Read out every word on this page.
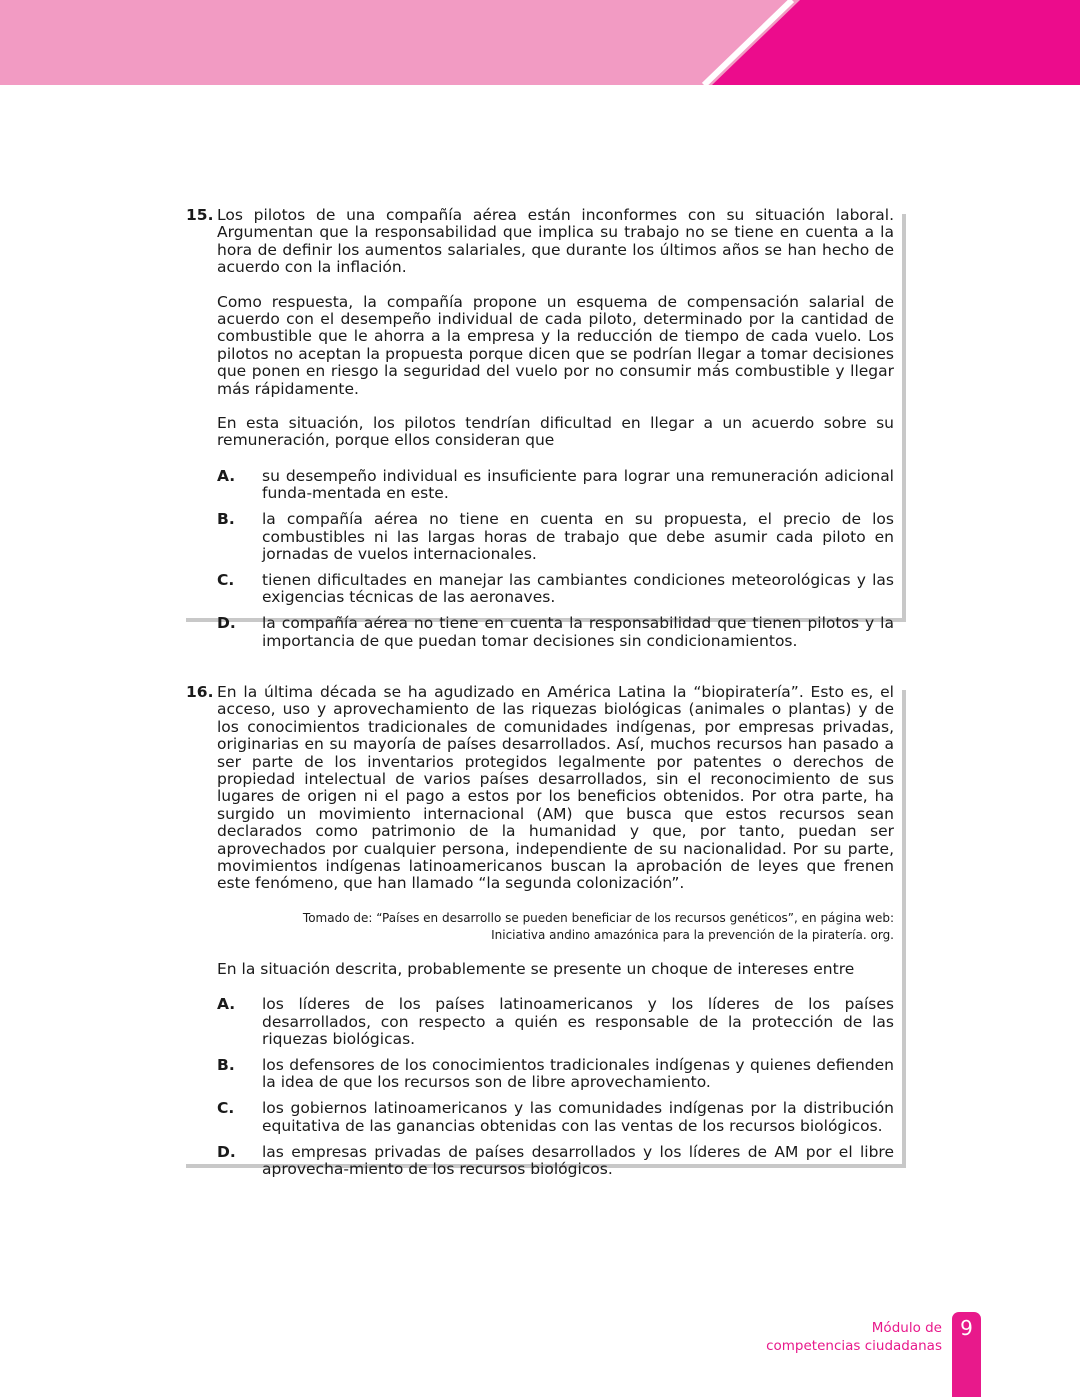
15. Los pilotos de una compañía aérea están inconformes con su situación laboral. Argumentan que la responsabilidad que implica su trabajo no se tiene en cuenta a la hora de definir los aumentos salariales, que durante los últimos años se han hecho de acuerdo con la inflación.

Como respuesta, la compañía propone un esquema de compensación salarial de acuerdo con el desempeño individual de cada piloto, determinado por la cantidad de combustible que le ahorra a la empresa y la reducción de tiempo de cada vuelo. Los pilotos no aceptan la propuesta porque dicen que se podrían llegar a tomar decisiones que ponen en riesgo la seguridad del vuelo por no consumir más combustible y llegar más rápidamente.

En esta situación, los pilotos tendrían dificultad en llegar a un acuerdo sobre su remuneración, porque ellos consideran que

A.	su desempeño individual es insuficiente para lograr una remuneración adicional funda-mentada en este.
B.	la compañía aérea no tiene en cuenta en su propuesta, el precio de los combustibles ni las largas horas de trabajo que debe asumir cada piloto en jornadas de vuelos internacionales.
C.	tienen dificultades en manejar las cambiantes condiciones meteorológicas y las exigencias técnicas de las aeronaves.
D.	la compañía aérea no tiene en cuenta la responsabilidad que tienen pilotos y la importancia de que puedan tomar decisiones sin condicionamientos.
16. En la última década se ha agudizado en América Latina la “biopiratería”. Esto es, el acceso, uso y aprovechamiento de las riquezas biológicas (animales o plantas) y de los conocimientos tradicionales de comunidades indígenas, por empresas privadas, originarias en su mayoría de países desarrollados. Así, muchos recursos han pasado a ser parte de los inventarios protegidos legalmente por patentes o derechos de propiedad intelectual de varios países desarrollados, sin el reconocimiento de sus lugares de origen ni el pago a estos por los beneficios obtenidos. Por otra parte, ha surgido un movimiento internacional (AM) que busca que estos recursos sean declarados como patrimonio de la humanidad y que, por tanto, puedan ser aprovechados por cualquier persona, independiente de su nacionalidad. Por su parte, movimientos indígenas latinoamericanos buscan la aprobación de leyes que frenen este fenómeno, que han llamado “la segunda colonización”.

Tomado de: “Países en desarrollo se pueden beneficiar de los recursos genéticos”, en página web: Iniciativa andino amazónica para la prevención de la piratería. org.

En la situación descrita, probablemente se presente un choque de intereses entre

A.	los líderes de los países latinoamericanos y los líderes de los países desarrollados, con respecto a quién es responsable de la protección de las riquezas biológicas.
B.	los defensores de los conocimientos tradicionales indígenas y quienes defienden la idea de que los recursos son de libre aprovechamiento.
C.	los gobiernos latinoamericanos y las comunidades indígenas por la distribución equitativa de las ganancias obtenidas con las ventas de los recursos biológicos.
D.	las empresas privadas de países desarrollados y los líderes de AM por el libre aprovecha-miento de los recursos biológicos.
Módulo de
competencias ciudadanas
9
